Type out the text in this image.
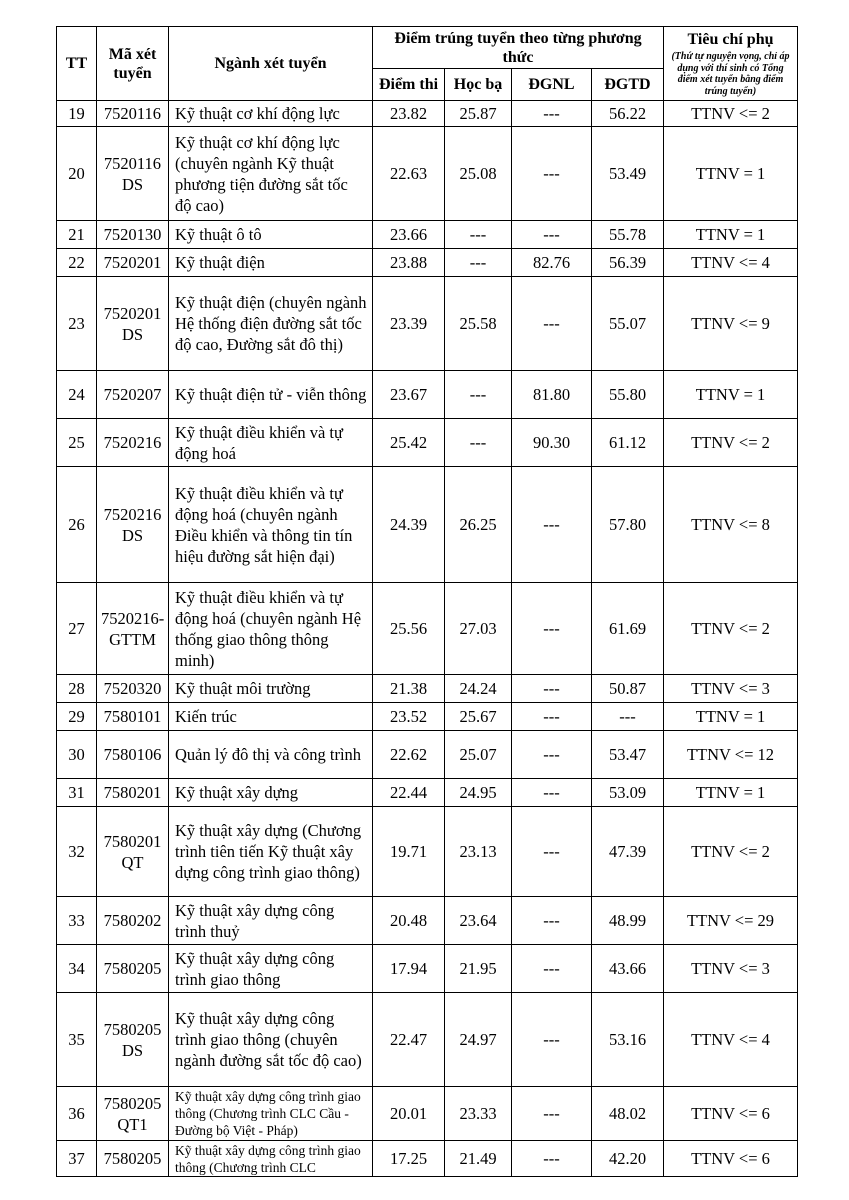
TT	Mã xét tuyển	Ngành xét tuyển	Điểm trúng tuyển theo từng phương thức				Tiêu chí phụ
(Thứ tự nguyện vọng, chỉ áp dụng với thí sinh có Tổng điểm xét tuyển bằng điểm trúng tuyển)

			Điểm thi	Học bạ	ĐGNL	ĐGTD	
19	7520116	Kỹ thuật cơ khí động lực	23.82	25.87	---	56.22	TTNV <= 2
20	7520116 DS	Kỹ thuật cơ khí động lực (chuyên ngành Kỹ thuật phương tiện đường sắt tốc độ cao)	22.63	25.08	---	53.49	TTNV = 1
21	7520130	Kỹ thuật ô tô	23.66	---	---	55.78	TTNV = 1
22	7520201	Kỹ thuật điện	23.88	---	82.76	56.39	TTNV <= 4
23	7520201 DS	Kỹ thuật điện (chuyên ngành Hệ thống điện đường sắt tốc độ cao, Đường sắt đô thị)	23.39	25.58	---	55.07	TTNV <= 9
24	7520207	Kỹ thuật điện tử - viễn thông	23.67	---	81.80	55.80	TTNV = 1
25	7520216	Kỹ thuật điều khiển và tự động hoá	25.42	---	90.30	61.12	TTNV <= 2
26	7520216 DS	Kỹ thuật điều khiển và tự động hoá (chuyên ngành Điều khiển và thông tin tín hiệu đường sắt hiện đại)	24.39	26.25	---	57.80	TTNV <= 8
27	7520216-GTTM	Kỹ thuật điều khiển và tự động hoá (chuyên ngành Hệ thống giao thông thông minh)	25.56	27.03	---	61.69	TTNV <= 2
28	7520320	Kỹ thuật môi trường	21.38	24.24	---	50.87	TTNV <= 3
29	7580101	Kiến trúc	23.52	25.67	---	---	TTNV = 1
30	7580106	Quản lý đô thị và công trình	22.62	25.07	---	53.47	TTNV <= 12
31	7580201	Kỹ thuật xây dựng	22.44	24.95	---	53.09	TTNV = 1
32	7580201 QT	Kỹ thuật xây dựng (Chương trình tiên tiến Kỹ thuật xây dựng công trình giao thông)	19.71	23.13	---	47.39	TTNV <= 2
33	7580202	Kỹ thuật xây dựng công trình thuỷ	20.48	23.64	---	48.99	TTNV <= 29
34	7580205	Kỹ thuật xây dựng công trình giao thông	17.94	21.95	---	43.66	TTNV <= 3
35	7580205 DS	Kỹ thuật xây dựng công trình giao thông (chuyên ngành đường sắt tốc độ cao)	22.47	24.97	---	53.16	TTNV <= 4
36	7580205 QT1	Kỹ thuật xây dựng công trình giao thông (Chương trình CLC Cầu - Đường bộ Việt - Pháp)	20.01	23.33	---	48.02	TTNV <= 6
37	7580205	Kỹ thuật xây dựng công trình giao thông (Chương trình CLC	17.25	21.49	---	42.20	TTNV <= 6
